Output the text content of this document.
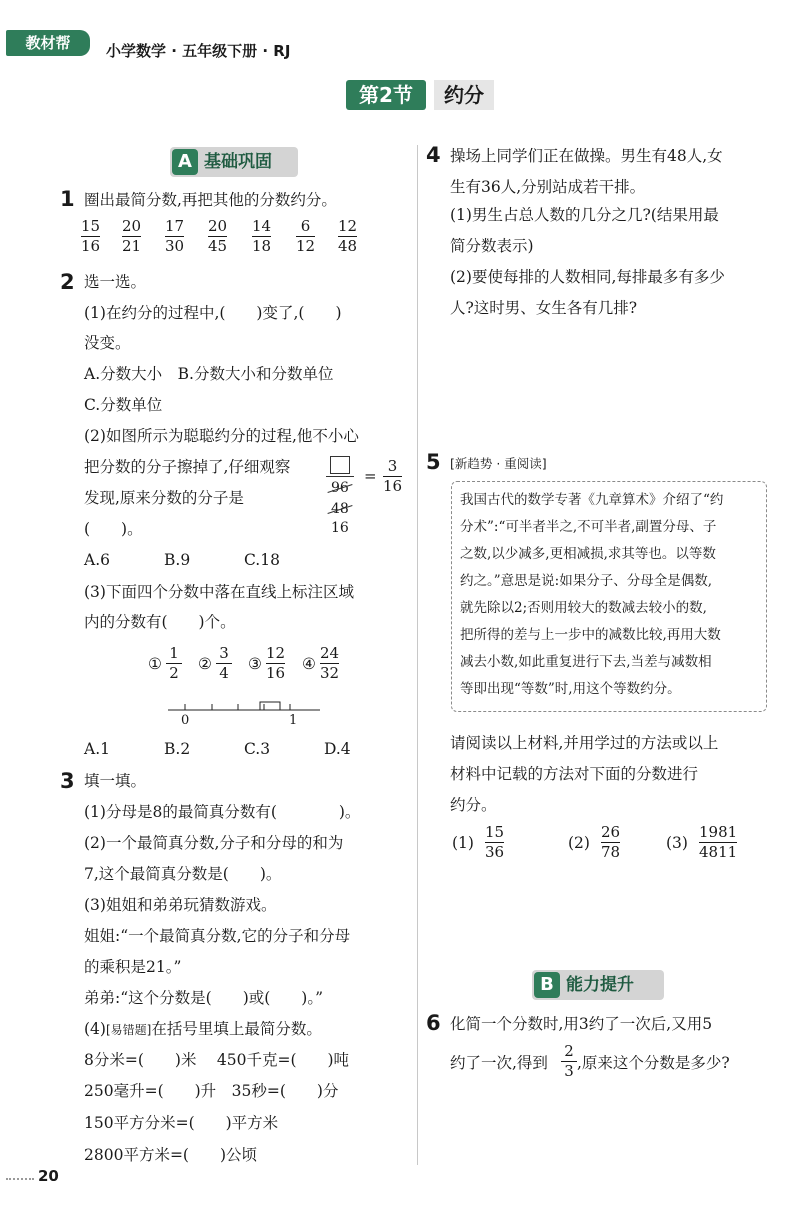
教材帮	小学数学 · 五年级下册 · RJ
第2节	约分
A 基础巩固
1 圈出最简分数,再把其他的分数约分。
15
16
20
21
17
30
20
45
14
18
6
12
12
48
2 选一选。
(1)在约分的过程中,(　　)变了,(　　)
没变。
A.分数大小　B.分数大小和分数单位
C.分数单位
(2)如图所示为聪聪约分的过程,他不小心
把分数的分子擦掉了,仔细观察
发现,原来分数的分子是
(　　)。
96
48
16
=
3
16
A.6	B.9	C.18
(3)下面四个分数中落在直线上标注区域
内的分数有(　　)个。
①
1
2 ②
3
4 ③
12
16 ④
24
32
0	1
A.1	B.2	C.3	D.4
3 填一填。
(1)分母是8的最简真分数有(　　　　)。
(2)一个最简真分数,分子和分母的和为
7,这个最简真分数是(　　)。
(3)姐姐和弟弟玩猜数游戏。
姐姐:“一个最简真分数,它的分子和分母
的乘积是21。”
弟弟:“这个分数是(　　)或(　　)。”
(4)[易错题]在括号里填上最简分数。
8分米=(　　)米　 450千克=(　　)吨
250毫升=(　　)升　35秒=(　　)分
150平方分米=(　　)平方米
2800平方米=(　　)公顷
4 操场上同学们正在做操。男生有48人,女
生有36人,分别站成若干排。
(1)男生占总人数的几分之几?(结果用最
简分数表示)
(2)要使每排的人数相同,每排最多有多少
人?这时男、女生各有几排?
5 [新趋势 · 重阅读]
我国古代的数学专著《九章算术》介绍了“约
分术”:“可半者半之,不可半者,副置分母、子
之数,以少减多,更相减损,求其等也。以等数
约之。”意思是说:如果分子、分母全是偶数,
就先除以2;否则用较大的数减去较小的数,
把所得的差与上一步中的减数比较,再用大数
减去小数,如此重复进行下去,当差与减数相
等即出现“等数”时,用这个等数约分。
请阅读以上材料,并用学过的方法或以上
材料中记载的方法对下面的分数进行
约分。
(1)
15
36	(2)
26
78	(3)
1981
4811
B 能力提升
6 化简一个分数时,用3约了一次后,又用5
约了一次,得到
2
3 ,原来这个分数是多少?
20
